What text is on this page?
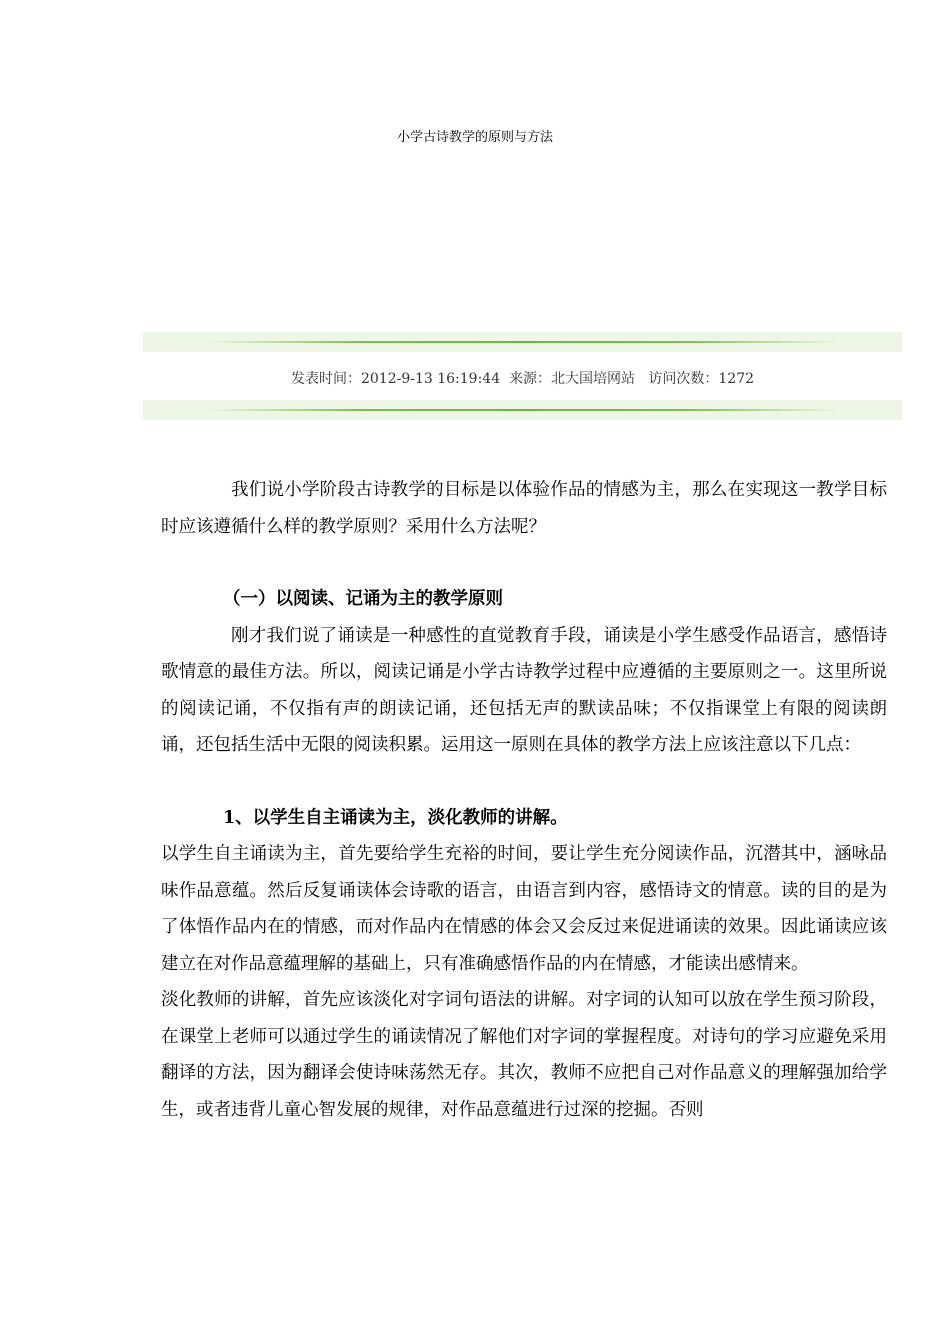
小学古诗教学的原则与方法
发表时间：2012-9-13 16:19:44 来源：北大国培网站 访问次数：1272

我们说小学阶段古诗教学的目标是以体验作品的情感为主，那么在实现这一教学目标时应该遵循什么样的教学原则？采用什么方法呢？

（一）以阅读、记诵为主的教学原则

刚才我们说了诵读是一种感性的直觉教育手段，诵读是小学生感受作品语言，感悟诗歌情意的最佳方法。所以，阅读记诵是小学古诗教学过程中应遵循的主要原则之一。这里所说的阅读记诵，不仅指有声的朗读记诵，还包括无声的默读品味；不仅指课堂上有限的阅读朗诵，还包括生活中无限的阅读积累。运用这一原则在具体的教学方法上应该注意以下几点：

1、以学生自主诵读为主，淡化教师的讲解。

以学生自主诵读为主，首先要给学生充裕的时间，要让学生充分阅读作品，沉潜其中，涵咏品味作品意蕴。然后反复诵读体会诗歌的语言，由语言到内容，感悟诗文的情意。读的目的是为了体悟作品内在的情感，而对作品内在情感的体会又会反过来促进诵读的效果。因此诵读应该建立在对作品意蕴理解的基础上，只有准确感悟作品的内在情感，才能读出感情来。

淡化教师的讲解，首先应该淡化对字词句语法的讲解。对字词的认知可以放在学生预习阶段，在课堂上老师可以通过学生的诵读情况了解他们对字词的掌握程度。对诗句的学习应避免采用翻译的方法，因为翻译会使诗味荡然无存。其次，教师不应把自己对作品意义的理解强加给学生，或者违背儿童心智发展的规律，对作品意蕴进行过深的挖掘。否则
